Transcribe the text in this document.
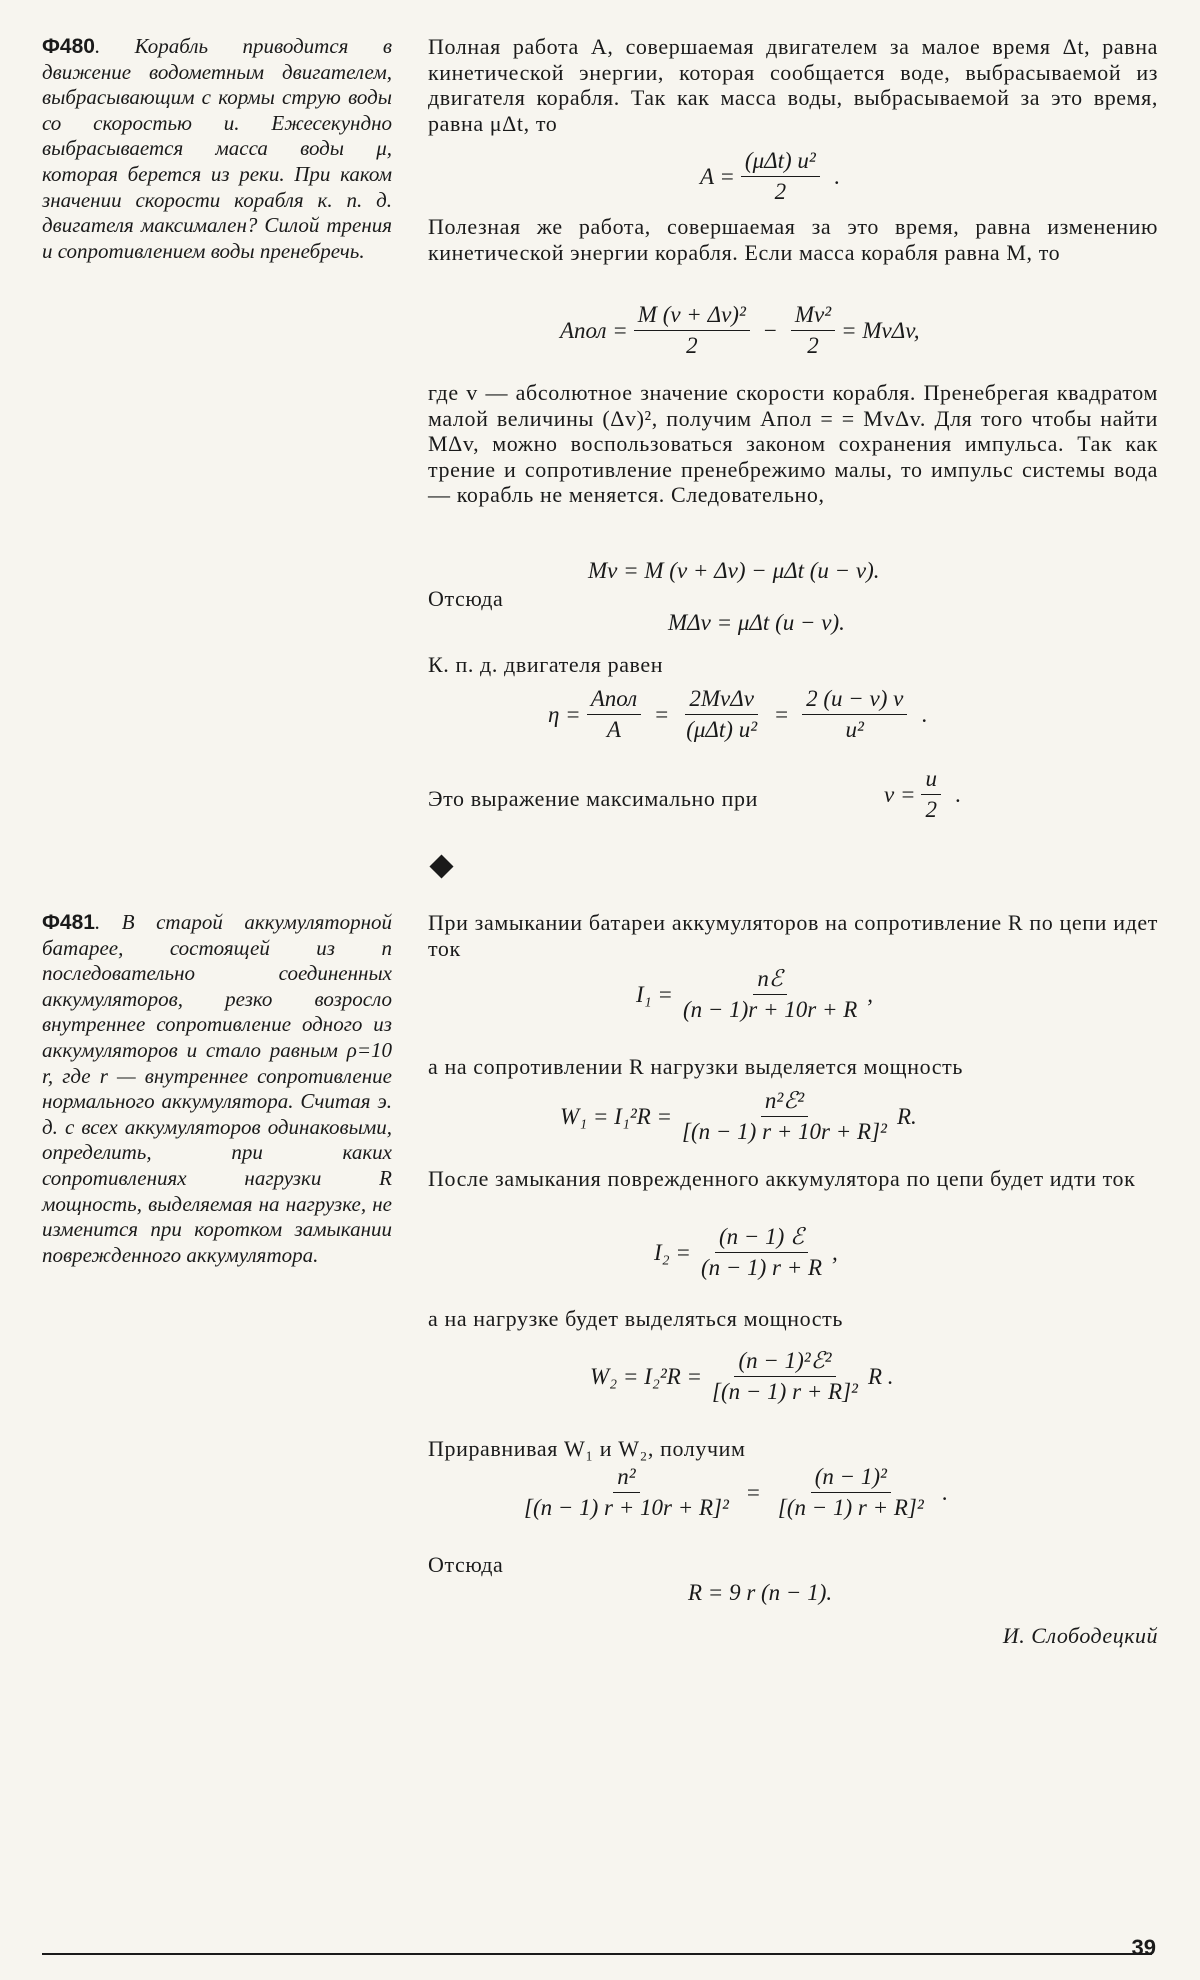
Ф480. Корабль приводится в движение водометным двигателем, выбрасывающим с кормы струю воды со скоростью u. Ежесекундно выбрасывается масса воды μ, которая берется из реки. При каком значении скорости корабля к. п. д. двигателя максимален? Силой трения и сопротивлением воды пренебречь.
Полная работа A, совершаемая двигателем за малое время Δt, равна кинетической энергии, которая сообщается воде, выбрасываемой из двигателя корабля. Так как масса воды, выбрасываемой за это время, равна μΔt, то
$A = \frac{\text{(μΔt) u²}}{2}$ .
Полезная же работа, совершаемая за это время, равна изменению кинетической энергии корабля. Если масса корабля равна M, то
Aпол = $\frac{\text{M (v + Δv)²}}{2} - \frac{\text{Mv²}}{2} = Mv\Delta v$,
где v — абсолютное значение скорости корабля. Пренебрегая квадратом малой величины (Δv)², получим Aпол = = MvΔv. Для того чтобы найти MΔv, можно воспользоваться законом сохранения импульса. Так как трение и сопротивление пренебрежимо малы, то импульс системы вода — корабль не меняется. Следовательно,
Mv = M (v + Δv) − μΔt (u − v).
Отсюда
MΔv = μΔt (u − v).
К. п. д. двигателя равен
$\eta = \frac{\text{Aпол}}{A} = \frac{\text{2MvΔv}}{\text{(μΔt) u²}} = \frac{2 (u - v) v}{\text{u²}}$ .
Это выражение максимально при	$v = \frac{u}{2}$ .
Ф481. В старой аккумуляторной батарее, состоящей из n последовательно соединенных аккумуляторов, резко возросло внутреннее сопротивление одного из аккумуляторов и стало равным ρ=10 r, где r — внутреннее сопротивление нормального аккумулятора. Считая э. д. с всех аккумуляторов одинаковыми, определить, при каких сопротивлениях нагрузки R мощность, выделяемая на нагрузке, не изменится при коротком замыкании поврежденного аккумулятора.
При замыкании батареи аккумуляторов на сопротивление R по цепи идет ток
$I_1 = \frac{\text{nℰ}}{(n - 1)r + 10r + R}$ ,
а на сопротивлении R нагрузки выделяется мощность
$W_1 = I_1^2R = \frac{\text{n²ℰ²}}{\text{[(n − 1) r + 10r + R]²}} R$.
После замыкания поврежденного аккумулятора по цепи будет идти ток
$I_2 = \frac{\text{(n − 1) ℰ}}{(n - 1) r + R}$ ,
а на нагрузке будет выделяться мощность
$W_2 = I_2^2R = \frac{\text{(n − 1)²ℰ²}}{\text{[(n − 1) r + R]²}}$ R .
Приравнивая W₁ и W₂, получим
$\frac{\text{n²}}{\text{[(n − 1) r + 10r + R]²}} = \frac{\text{(n − 1)²}}{\text{[(n − 1) r + R]²}}$ .
Отсюда
R = 9 r (n − 1).
И. Слободецкий
39
